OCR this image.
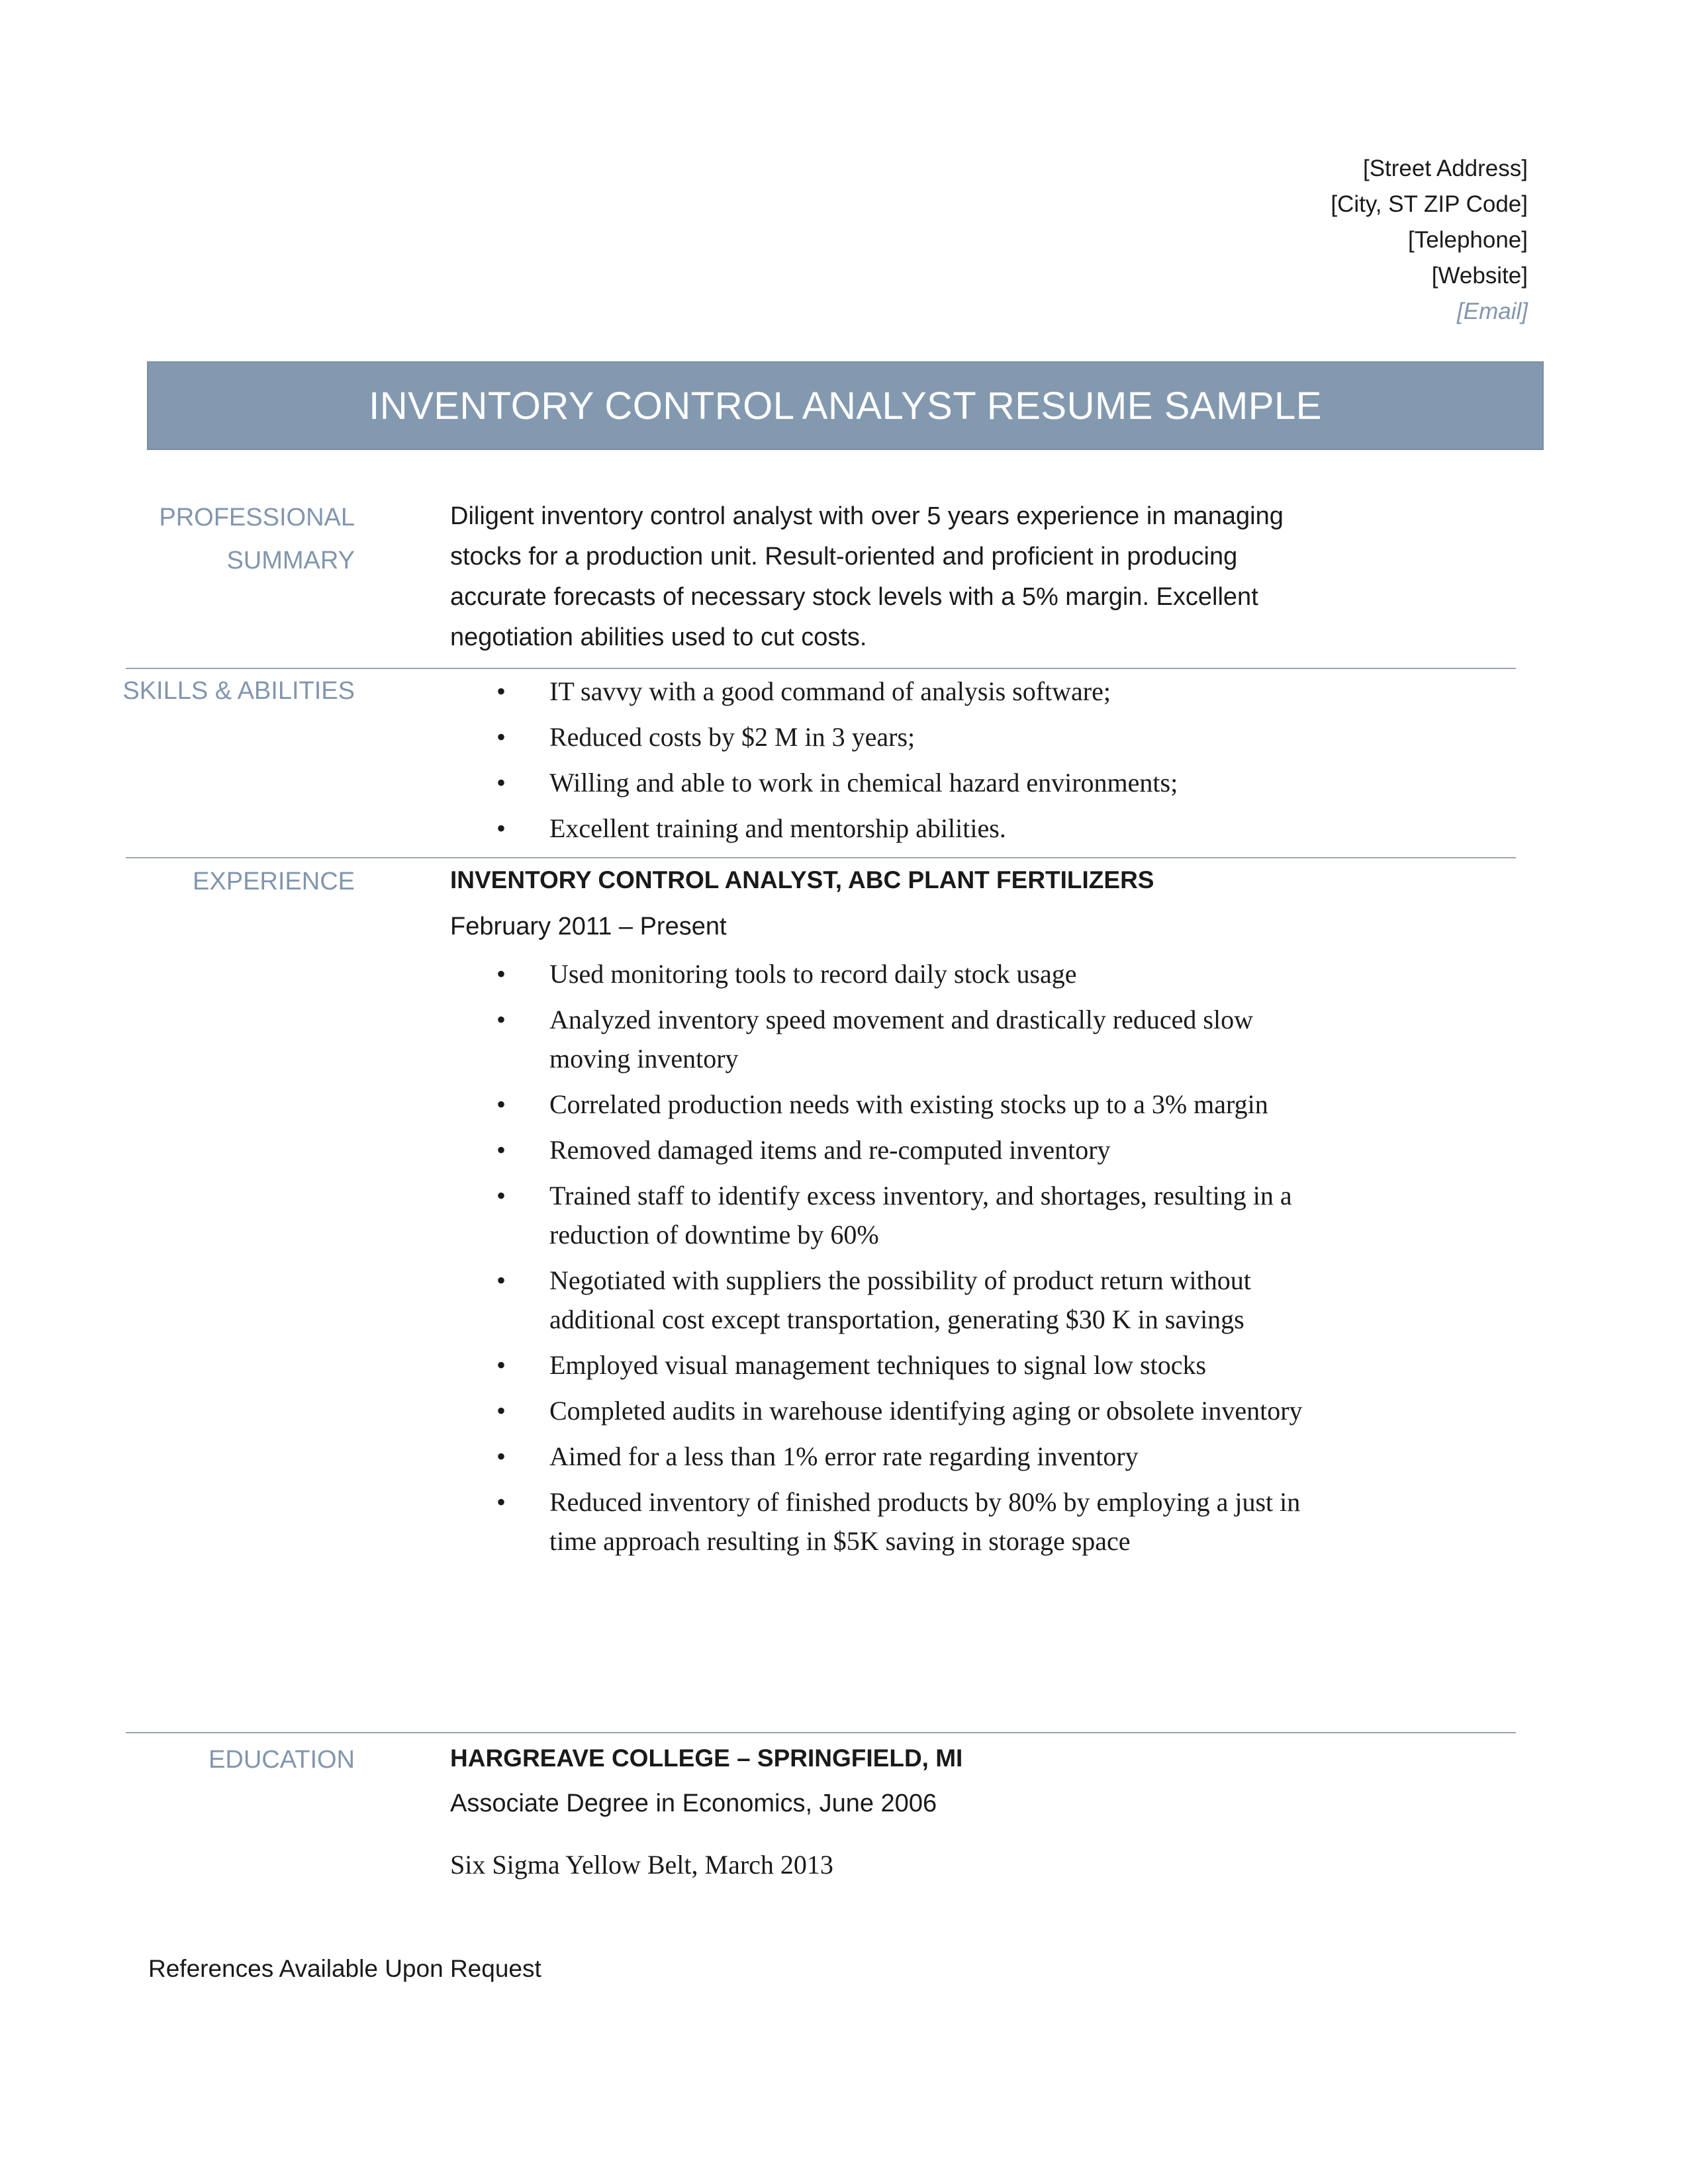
[Street Address]
[City, ST ZIP Code]
[Telephone]
[Website]
[Email]
INVENTORY CONTROL ANALYST RESUME SAMPLE
PROFESSIONAL
SUMMARY
Diligent inventory control analyst with over 5 years experience in managing
stocks for a production unit. Result-oriented and proficient in producing
accurate forecasts of necessary stock levels with a 5% margin. Excellent
negotiation abilities used to cut costs.
SKILLS & ABILITIES
•	IT savvy with a good command of analysis software;
• Reduced costs by $2 M in 3 years;
• Willing and able to work in chemical hazard environments;
• Excellent training and mentorship abilities.
EXPERIENCE	INVENTORY CONTROL ANALYST, ABC PLANT FERTILIZERS

February 2011 – Present

• Used monitoring tools to record daily stock usage
• Analyzed inventory speed movement and drastically reduced slow moving inventory
• Correlated production needs with existing stocks up to a 3% margin
• Removed damaged items and re-computed inventory
• Trained staff to identify excess inventory, and shortages, resulting in a reduction of downtime by 60%
• Negotiated with suppliers the possibility of product return without additional cost except transportation, generating $30 K in savings
• Employed visual management techniques to signal low stocks
• Completed audits in warehouse identifying aging or obsolete inventory
• Aimed for a less than 1% error rate regarding inventory
• Reduced inventory of finished products by 80% by employing a just in time approach resulting in $5K saving in storage space
EDUCATION	HARGREAVE COLLEGE – SPRINGFIELD, MI

Associate Degree in Economics, June 2006

Six Sigma Yellow Belt, March 2013

References Available Upon Request
